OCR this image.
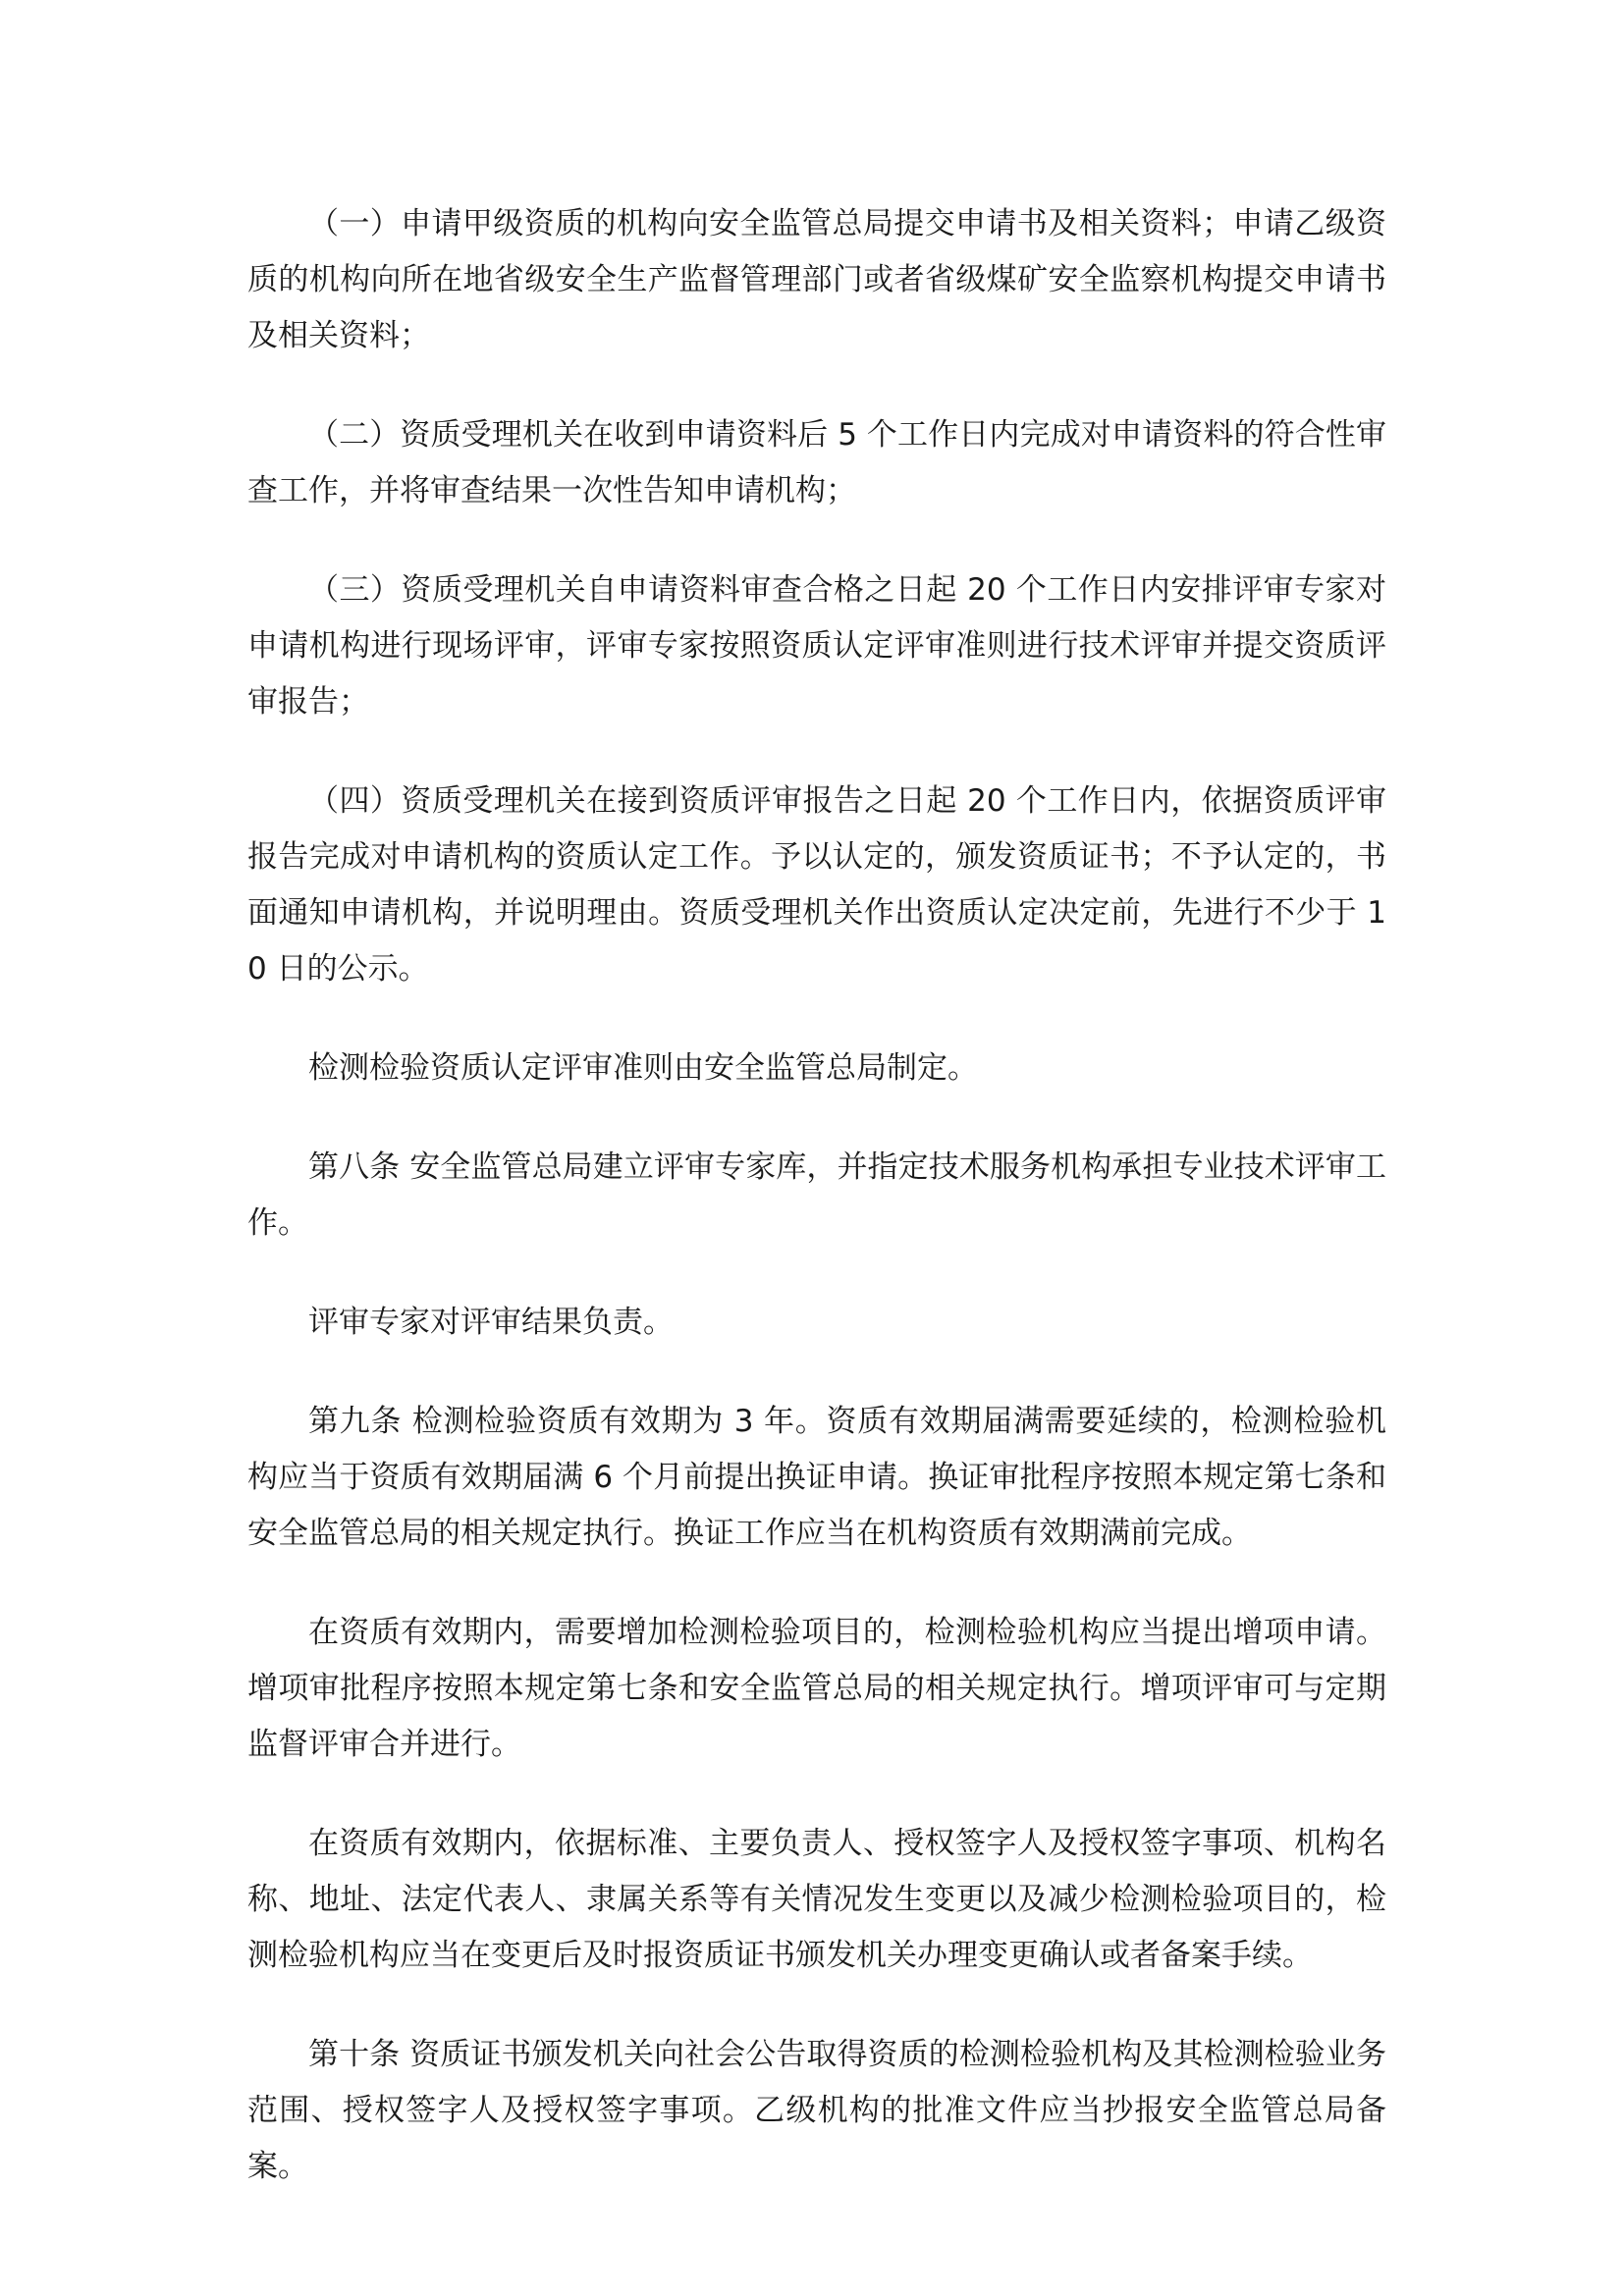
（一）申请甲级资质的机构向安全监管总局提交申请书及相关资料；申请乙级资质的机构向所在地省级安全生产监督管理部门或者省级煤矿安全监察机构提交申请书及相关资料；

（二）资质受理机关在收到申请资料后 5 个工作日内完成对申请资料的符合性审查工作，并将审查结果一次性告知申请机构；

（三）资质受理机关自申请资料审查合格之日起 20 个工作日内安排评审专家对申请机构进行现场评审，评审专家按照资质认定评审准则进行技术评审并提交资质评审报告；

（四）资质受理机关在接到资质评审报告之日起 20 个工作日内，依据资质评审报告完成对申请机构的资质认定工作。予以认定的，颁发资质证书；不予认定的，书面通知申请机构，并说明理由。资质受理机关作出资质认定决定前，先进行不少于 10 日的公示。

检测检验资质认定评审准则由安全监管总局制定。

第八条 安全监管总局建立评审专家库，并指定技术服务机构承担专业技术评审工作。

评审专家对评审结果负责。

第九条 检测检验资质有效期为 3 年。资质有效期届满需要延续的，检测检验机构应当于资质有效期届满 6 个月前提出换证申请。换证审批程序按照本规定第七条和安全监管总局的相关规定执行。换证工作应当在机构资质有效期满前完成。

在资质有效期内，需要增加检测检验项目的，检测检验机构应当提出增项申请。增项审批程序按照本规定第七条和安全监管总局的相关规定执行。增项评审可与定期监督评审合并进行。

在资质有效期内，依据标准、主要负责人、授权签字人及授权签字事项、机构名称、地址、法定代表人、隶属关系等有关情况发生变更以及减少检测检验项目的，检测检验机构应当在变更后及时报资质证书颁发机关办理变更确认或者备案手续。

第十条 资质证书颁发机关向社会公告取得资质的检测检验机构及其检测检验业务范围、授权签字人及授权签字事项。乙级机构的批准文件应当抄报安全监管总局备案。
